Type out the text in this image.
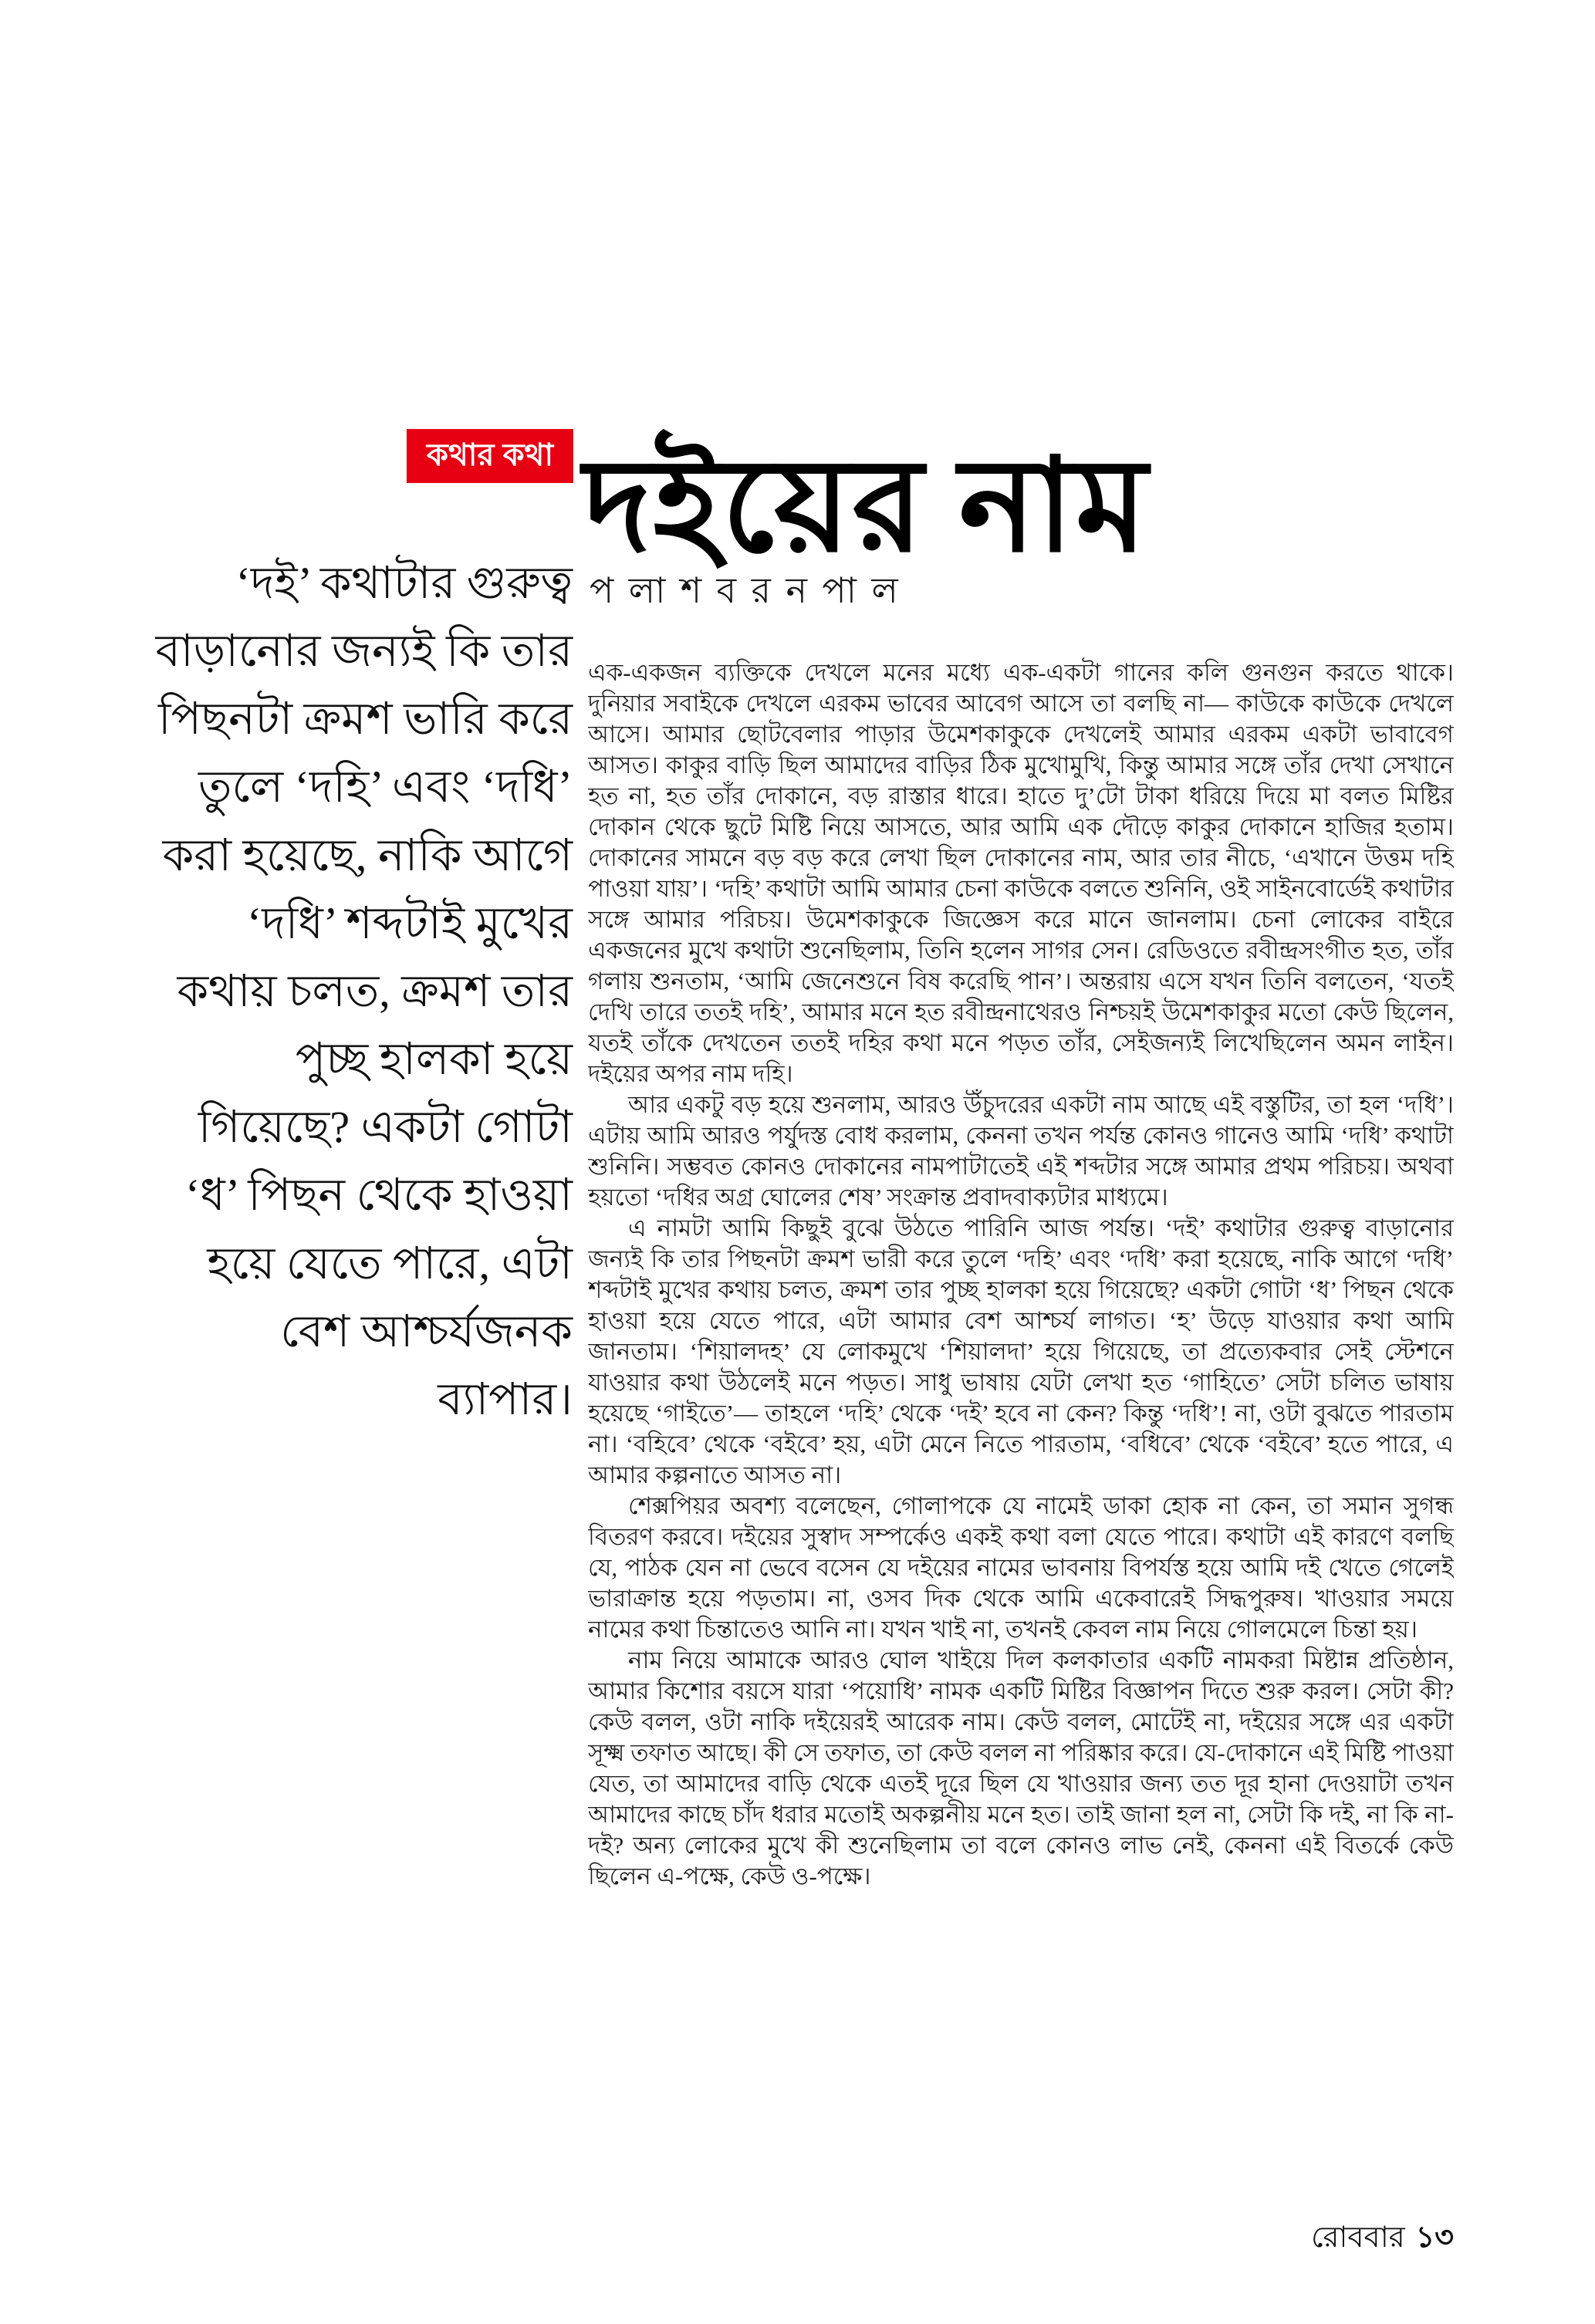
কথার কথা দইয়ের নাম
প লা শ ব র ন পা ল
‘দই’ কথাটার গুরুত্ব বাড়ানোর জন্যই কি তার পিছনটা ক্রমশ ভারি করে তুলে ‘দহি’ এবং ‘দধি’ করা হয়েছে, নাকি আগে ‘দধি’ শব্দটাই মুখের কথায় চলত, ক্রমশ তার পুচ্ছ হালকা হয়ে গিয়েছে? একটা গোটা ‘ধ’ পিছন থেকে হাওয়া হয়ে যেতে পারে, এটা বেশ আশ্চর্যজনক ব্যাপার।

এক-একজন ব্যক্তিকে দেখলে মনের মধ্যে এক-একটা গানের কলি গুনগুন করতে থাকে। দুনিয়ার সবাইকে দেখলে এরকম ভাবের আবেগ আসে তা বলছি না— কাউকে কাউকে দেখলে আসে। আমার ছোটবেলার পাড়ার উমেশকাকুকে দেখলেই আমার এরকম একটা ভাবাবেগ আসত। কাকুর বাড়ি ছিল আমাদের বাড়ির ঠিক মুখোমুখি, কিন্তু আমার সঙ্গে তাঁর দেখা সেখানে হত না, হত তাঁর দোকানে, বড় রাস্তার ধারে। হাতে দু’টো টাকা ধরিয়ে দিয়ে মা বলত মিষ্টির দোকান থেকে ছুটে মিষ্টি নিয়ে আসতে, আর আমি এক দৌড়ে কাকুর দোকানে হাজির হতাম। দোকানের সামনে বড় বড় করে লেখা ছিল দোকানের নাম, আর তার নীচে, ‘এখানে উত্তম দহি পাওয়া যায়’। ‘দহি’ কথাটা আমি আমার চেনা কাউকে বলতে শুনিনি, ওই সাইনবোর্ডেই কথাটার সঙ্গে আমার পরিচয়। উমেশকাকুকে জিজ্ঞেস করে মানে জানলাম। চেনা লোকের বাইরে একজনের মুখে কথাটা শুনেছিলাম, তিনি হলেন সাগর সেন। রেডিওতে রবীন্দ্রসংগীত হত, তাঁর গলায় শুনতাম, ‘আমি জেনেশুনে বিষ করেছি পান’। অন্তরায় এসে যখন তিনি বলতেন, ‘যতই দেখি তারে ততই দহি’, আমার মনে হত রবীন্দ্রনাথেরও নিশ্চয়ই উমেশকাকুর মতো কেউ ছিলেন, যতই তাঁকে দেখতেন ততই দহির কথা মনে পড়ত তাঁর, সেইজন্যই লিখেছিলেন অমন লাইন। দইয়ের অপর নাম দহি।

আর একটু বড় হয়ে শুনলাম, আরও উঁচুদরের একটা নাম আছে এই বস্তুটির, তা হল ‘দধি’। এটায় আমি আরও পর্যুদস্ত বোধ করলাম, কেননা তখন পর্যন্ত কোনও গানেও আমি ‘দধি’ কথাটা শুনিনি। সম্ভবত কোনও দোকানের নামপাটাতেই এই শব্দটার সঙ্গে আমার প্রথম পরিচয়। অথবা হয়তো ‘দধির অগ্র ঘোলের শেষ’ সংক্রান্ত প্রবাদবাক্যটার মাধ্যমে।

এ নামটা আমি কিছুই বুঝে উঠতে পারিনি আজ পর্যন্ত। ‘দই’ কথাটার গুরুত্ব বাড়ানোর জন্যই কি তার পিছনটা ক্রমশ ভারী করে তুলে ‘দহি’ এবং ‘দধি’ করা হয়েছে, নাকি আগে ‘দধি’ শব্দটাই মুখের কথায় চলত, ক্রমশ তার পুচ্ছ হালকা হয়ে গিয়েছে? একটা গোটা ‘ধ’ পিছন থেকে হাওয়া হয়ে যেতে পারে, এটা আমার বেশ আশ্চর্য লাগত। ‘হ’ উড়ে যাওয়ার কথা আমি জানতাম। ‘শিয়ালদহ’ যে লোকমুখে ‘শিয়ালদা’ হয়ে গিয়েছে, তা প্রত্যেকবার সেই স্টেশনে যাওয়ার কথা উঠলেই মনে পড়ত। সাধু ভাষায় যেটা লেখা হত ‘গাহিতে’ সেটা চলিত ভাষায় হয়েছে ‘গাইতে’— তাহলে ‘দহি’ থেকে ‘দই’ হবে না কেন? কিন্তু ‘দধি’! না, ওটা বুঝতে পারতাম না। ‘বহিবে’ থেকে ‘বইবে’ হয়, এটা মেনে নিতে পারতাম, ‘বধিবে’ থেকে ‘বইবে’ হতে পারে, এ আমার কল্পনাতে আসত না।

শেক্সপিয়র অবশ্য বলেছেন, গোলাপকে যে নামেই ডাকা হোক না কেন, তা সমান সুগন্ধ বিতরণ করবে। দইয়ের সুস্বাদ সম্পর্কেও একই কথা বলা যেতে পারে। কথাটা এই কারণে বলছি যে, পাঠক যেন না ভেবে বসেন যে দইয়ের নামের ভাবনায় বিপর্যস্ত হয়ে আমি দই খেতে গেলেই ভারাক্রান্ত হয়ে পড়তাম। না, ওসব দিক থেকে আমি একেবারেই সিদ্ধপুরুষ। খাওয়ার সময়ে নামের কথা চিন্তাতেও আনি না। যখন খাই না, তখনই কেবল নাম নিয়ে গোলমেলে চিন্তা হয়।

নাম নিয়ে আমাকে আরও ঘোল খাইয়ে দিল কলকাতার একটি নামকরা মিষ্টান্ন প্রতিষ্ঠান, আমার কিশোর বয়সে যারা ‘পয়োধি’ নামক একটি মিষ্টির বিজ্ঞাপন দিতে শুরু করল। সেটা কী? কেউ বলল, ওটা নাকি দইয়েরই আরেক নাম। কেউ বলল, মোটেই না, দইয়ের সঙ্গে এর একটা সূক্ষ্ম তফাত আছে। কী সে তফাত, তা কেউ বলল না পরিষ্কার করে। যে-দোকানে এই মিষ্টি পাওয়া যেত, তা আমাদের বাড়ি থেকে এতই দূরে ছিল যে খাওয়ার জন্য তত দূর হানা দেওয়াটা তখন আমাদের কাছে চাঁদ ধরার মতোই অকল্পনীয় মনে হত। তাই জানা হল না, সেটা কি দই, না কি না-দই? অন্য লোকের মুখে কী শুনেছিলাম তা বলে কোনও লাভ নেই, কেননা এই বিতর্কে কেউ ছিলেন এ-পক্ষে, কেউ ও-পক্ষে।

রোববার ১৩
